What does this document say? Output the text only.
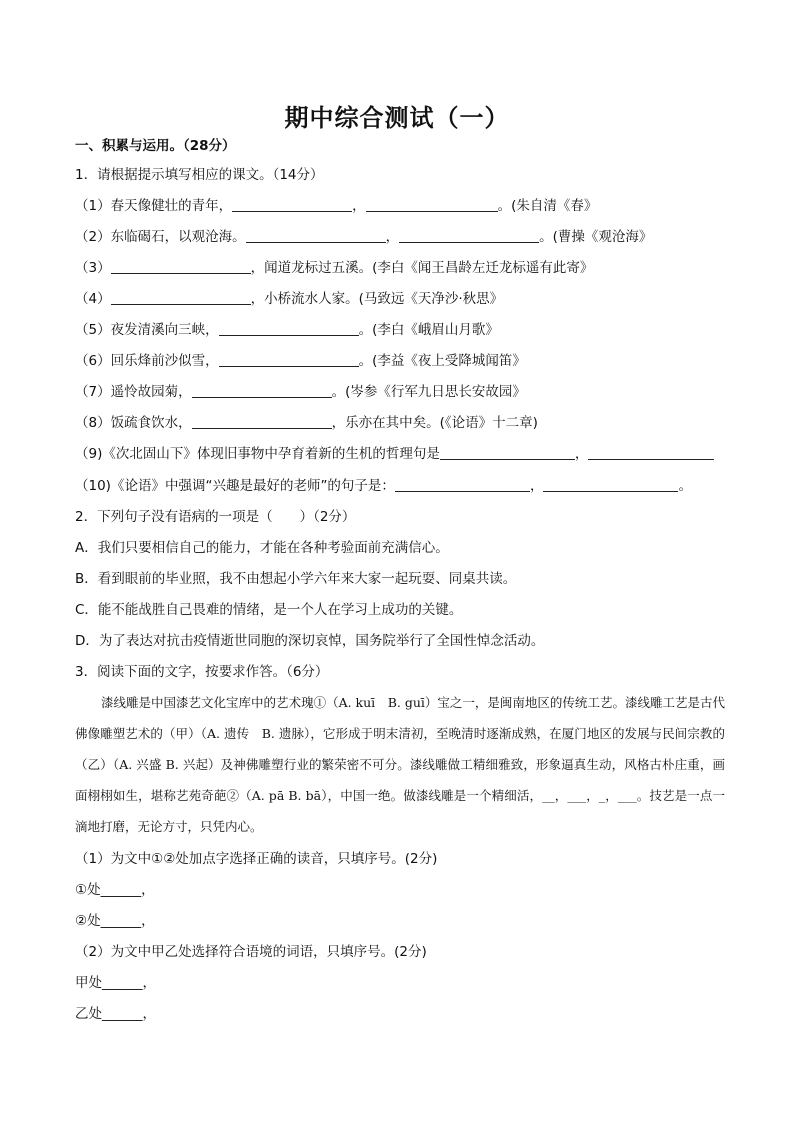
期中综合测试（一）
一、积累与运用。（28分）
1．请根据提示填写相应的课文。（14分）
（1）春天像健壮的青年，	，	。(朱自清《春》
（2）东临碣石，以观沧海。	，	。(曹操《观沧海》
（3）	，闻道龙标过五溪。(李白《闻王昌龄左迁龙标遥有此寄》
（4）	，小桥流水人家。(马致远《天净沙·秋思》
（5）夜发清溪向三峡，	。(李白《峨眉山月歌》
（6）回乐烽前沙似雪，	。(李益《夜上受降城闻笛》
（7）遥怜故园菊，	。(岑参《行军九日思长安故园》
（8）饭疏食饮水，	，乐亦在其中矣。(《论语》十二章)
（9)《次北固山下》体现旧事物中孕育着新的生机的哲理句是	，
（10)《论语》中强调“兴趣是最好的老师”的句子是：	，	。
2．下列句子没有语病的一项是（　　）（2分）
A．我们只要相信自己的能力，才能在各种考验面前充满信心。
B．看到眼前的毕业照，我不由想起小学六年来大家一起玩耍、同桌共读。
C．能不能战胜自己畏难的情绪，是一个人在学习上成功的关键。
D．为了表达对抗击疫情逝世同胞的深切哀悼，国务院举行了全国性悼念活动。
3．阅读下面的文字，按要求作答。（6分）
漆线雕是中国漆艺文化宝库中的艺术瑰①（A. kuī　B. guī）宝之一，是闽南地区的传统工艺。漆线雕工艺是古代佛像雕塑艺术的（甲）（A. 遗传　B. 遗脉），它形成于明末清初，至晚清时逐渐成熟，在厦门地区的发展与民间宗教的（乙）（A. 兴盛 B. 兴起）及神佛雕塑行业的繁荣密不可分。漆线雕做工精细雅致，形象逼真生动，风格古朴庄重，画面栩栩如生，堪称艺苑奇葩②（A. pā B. bā），中国一绝。做漆线雕是一个精细活，__，___，_，___。技艺是一点一滴地打磨，无论方寸，只凭内心。
（1）为文中①②处加点字选择正确的读音，只填序号。(2分)
①处______，
②处______，
（2）为文中甲乙处选择符合语境的词语，只填序号。(2分)
甲处______，
乙处______，
